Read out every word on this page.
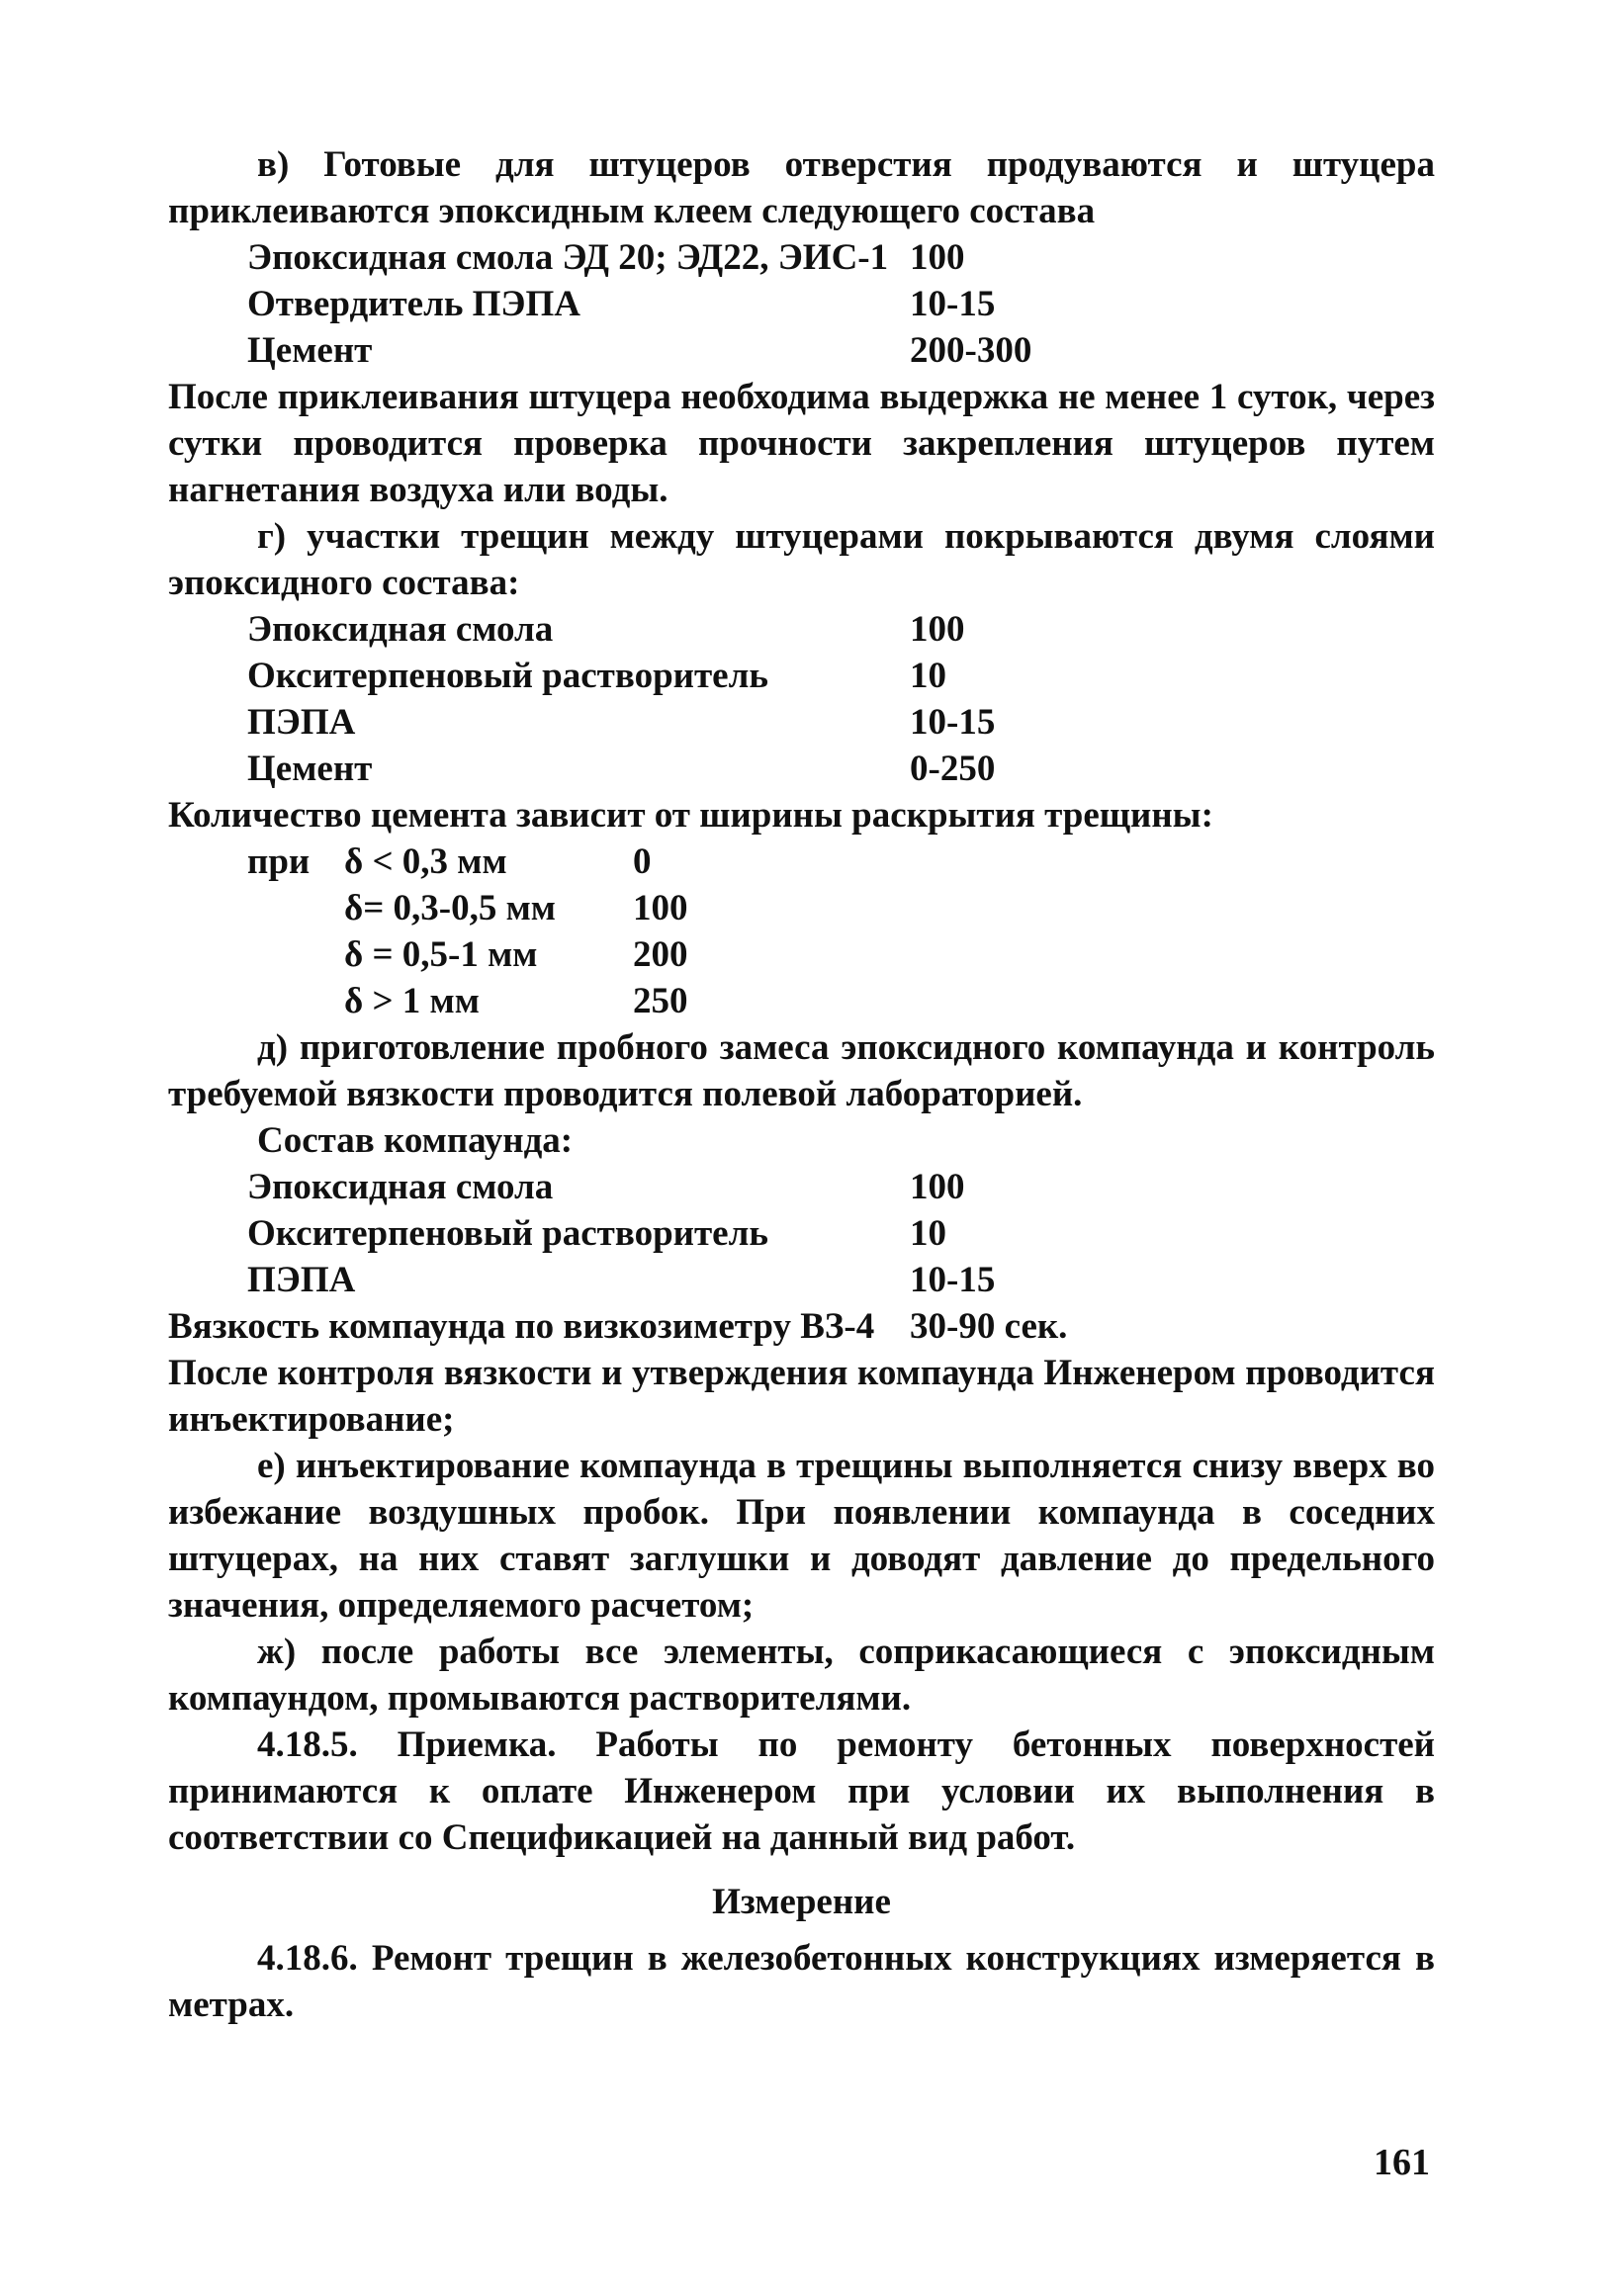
в) Готовые для штуцеров отверстия продуваются и штуцера приклеиваются эпоксидным клеем следующего состава

Эпоксидная смола ЭД 20; ЭД22, ЭИС-1 100
Отвердитель ПЭПА	10-15
Цемент	200-300

После приклеивания штуцера необходима выдержка не менее 1 суток, через сутки проводится проверка прочности закрепления штуцеров путем нагнетания воздуха или воды.

г) участки трещин между штуцерами покрываются двумя слоями эпоксидного состава:

Эпоксидная смола	100
Окситерпеновый растворитель	10
ПЭПА	10-15
Цемент	0-250

Количество цемента зависит от ширины раскрытия трещины:

при δ < 0,3 мм	0
δ= 0,3-0,5 мм	100
δ = 0,5-1 мм	200
δ > 1 мм	250

д) приготовление пробного замеса эпоксидного компаунда и контроль требуемой вязкости проводится полевой лабораторией.

Состав компаунда:

Эпоксидная смола	100
Окситерпеновый растворитель	10
ПЭПА	10-15
Вязкость компаунда по визкозиметру ВЗ-4 30-90 сек.

После контроля вязкости и утверждения компаунда Инженером проводится инъектирование;

е) инъектирование компаунда в трещины выполняется снизу вверх во избежание воздушных пробок. При появлении компаунда в соседних штуцерах, на них ставят заглушки и доводят давление до предельного значения, определяемого расчетом;

ж) после работы все элементы, соприкасающиеся с эпоксидным компаундом, промываются растворителями.

4.18.5. Приемка. Работы по ремонту бетонных поверхностей принимаются к оплате Инженером при условии их выполнения в соответствии со Спецификацией на данный вид работ.

Измерение

4.18.6. Ремонт трещин в железобетонных конструкциях измеряется в метрах.

161
